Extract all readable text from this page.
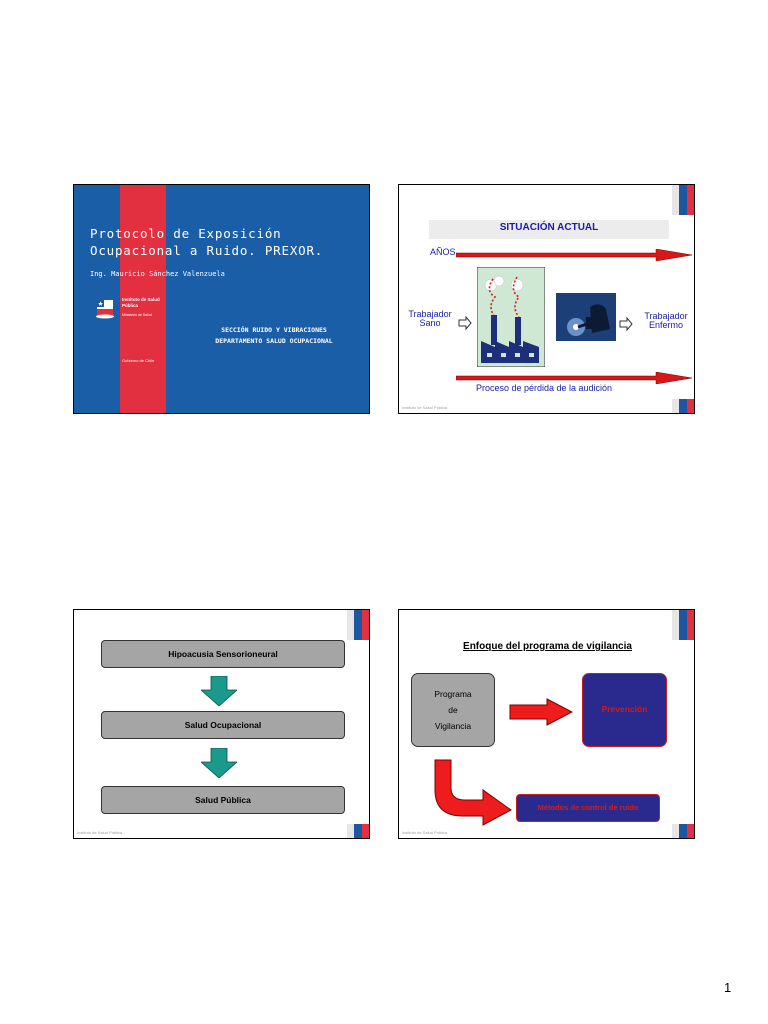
Protocolo de Exposición
Ocupacional a Ruido. PREXOR.
Ing. Mauricio Sánchez Valenzuela
Instituto de Salud Pública
Ministerio de Salud
Gobierno de Chile
SECCIÓN RUIDO Y VIBRACIONES
DEPARTAMENTO SALUD OCUPACIONAL
SITUACIÓN ACTUAL
AÑOS
Trabajador
Sano
Trabajador
Enfermo
Proceso de pérdida de la audición
Instituto de Salud Pública
Hipoacusia Sensorioneural
Salud Ocupacional
Salud Pública
Instituto de Salud Pública
Enfoque del programa de vigilancia
Programa
de
Vigilancia
Prevención
Métodos de control de ruido
Instituto de Salud Pública
1
